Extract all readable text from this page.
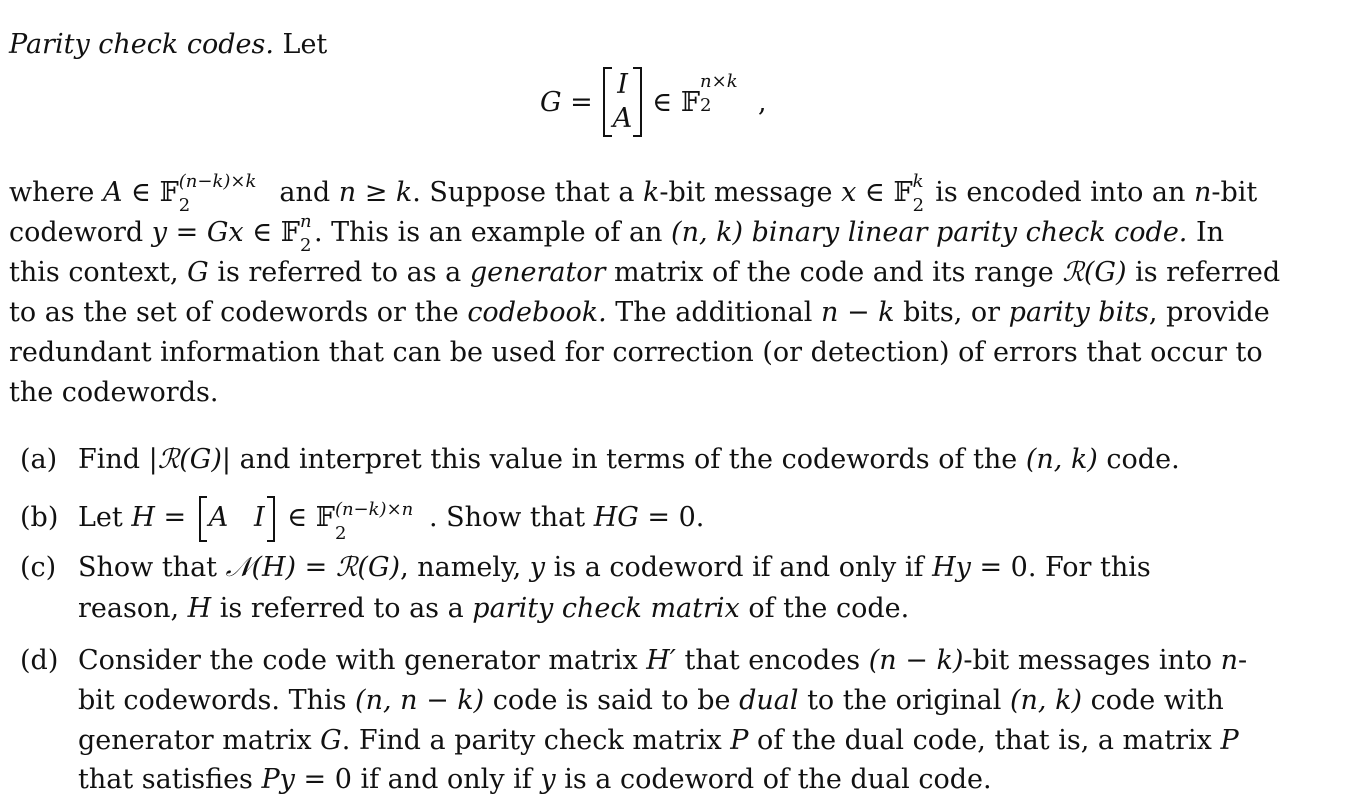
Parity check codes. Let
G =
I
A
∈ 𝔽
n×k
2 ,
where A ∈ 𝔽 (n−k)×k
2	and n ≥ k. Suppose that a k-bit message x ∈ 𝔽 k
2 is encoded into an n-bit
codeword y = Gx ∈ 𝔽 n
2 . This is an example of an (n, k) binary linear parity check code. In
this context, G is referred to as a generator matrix of the code and its range ℛ(G) is referred
to as the set of codewords or the codebook. The additional n − k bits, or parity bits, provide
redundant information that can be used for correction (or detection) of errors that occur to
the codewords.
(a) Find |ℛ(G)| and interpret this value in terms of the codewords of the (n, k) code.
(b) Let H = A I ∈ 𝔽 (n−k)×n
2
. Show that HG = 0.
(c) Show that 𝒩(H) = ℛ(G), namely, y is a codeword if and only if Hy = 0. For this
reason, H is referred to as a parity check matrix of the code.
(d) Consider the code with generator matrix H′ that encodes (n − k)-bit messages into n-
bit codewords. This (n, n − k) code is said to be dual to the original (n, k) code with
generator matrix G. Find a parity check matrix P of the dual code, that is, a matrix P
that satisfies Py = 0 if and only if y is a codeword of the dual code.
